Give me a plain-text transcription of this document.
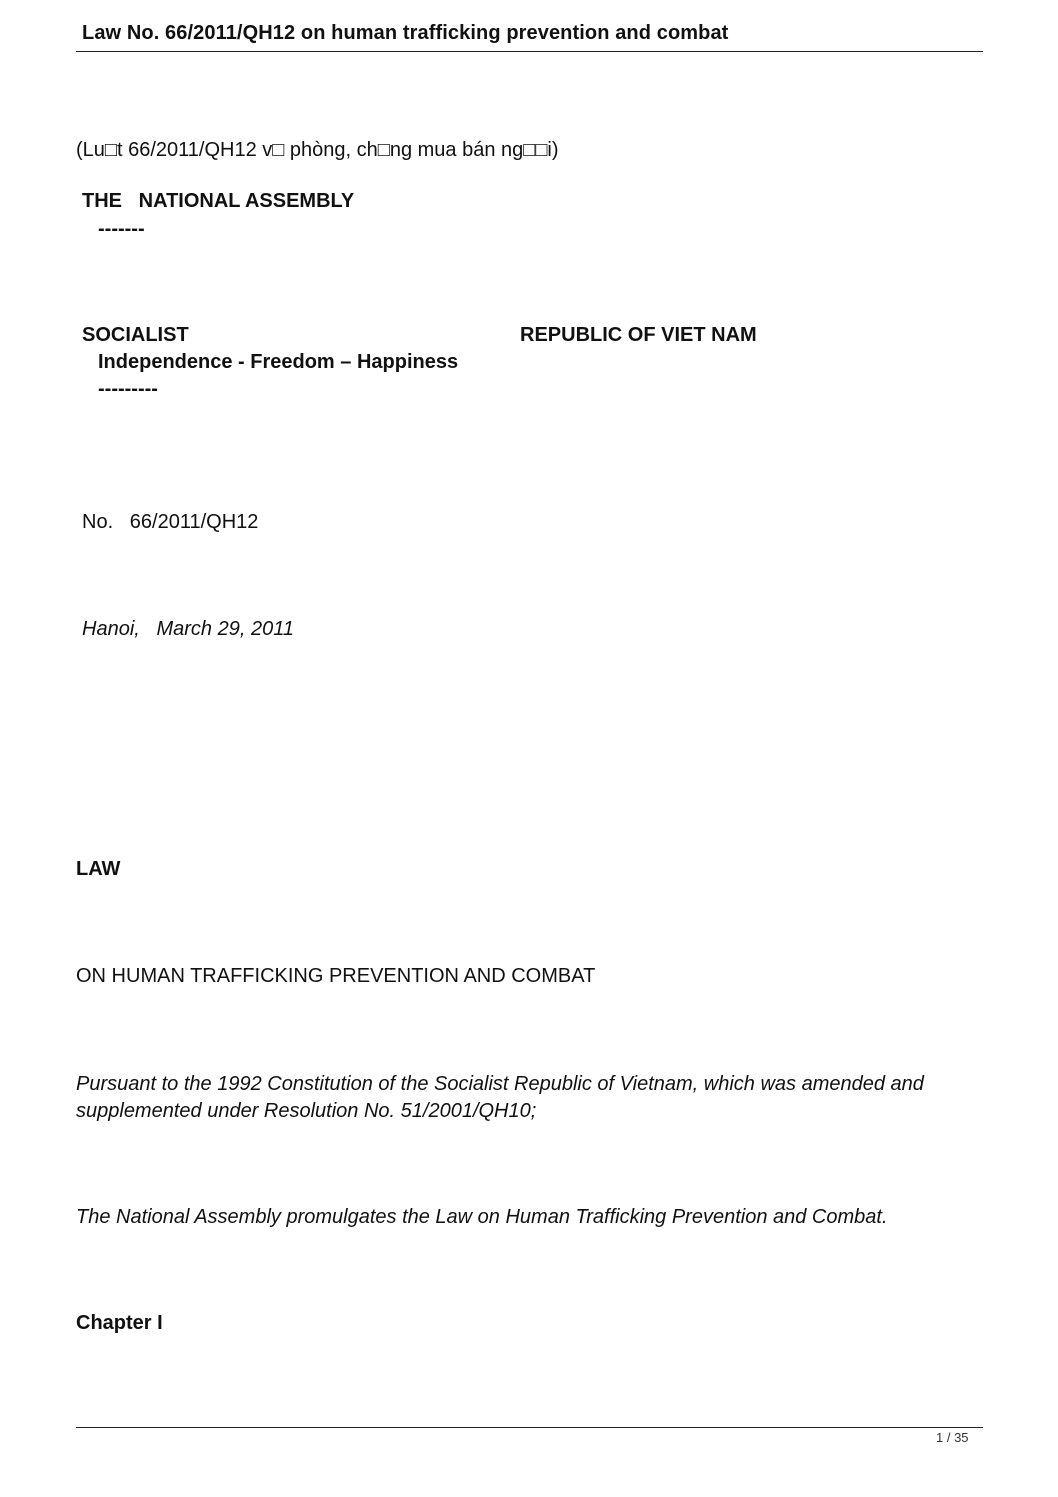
Law No. 66/2011/QH12 on human trafficking prevention and combat
(Lu□t 66/2011/QH12 v□ phòng, ch□ng mua bán ng□□i)
THE   NATIONAL ASSEMBLY
-------
SOCIALIST	REPUBLIC OF VIET NAM
Independence - Freedom – Happiness
---------
No.   66/2011/QH12
Hanoi,   March 29, 2011
LAW
ON HUMAN TRAFFICKING PREVENTION AND COMBAT
Pursuant to the 1992 Constitution of the Socialist Republic of Vietnam, which was amended and supplemented under Resolution No. 51/2001/QH10;
The National Assembly promulgates the Law on Human Trafficking Prevention and Combat.
Chapter I
1 / 35
